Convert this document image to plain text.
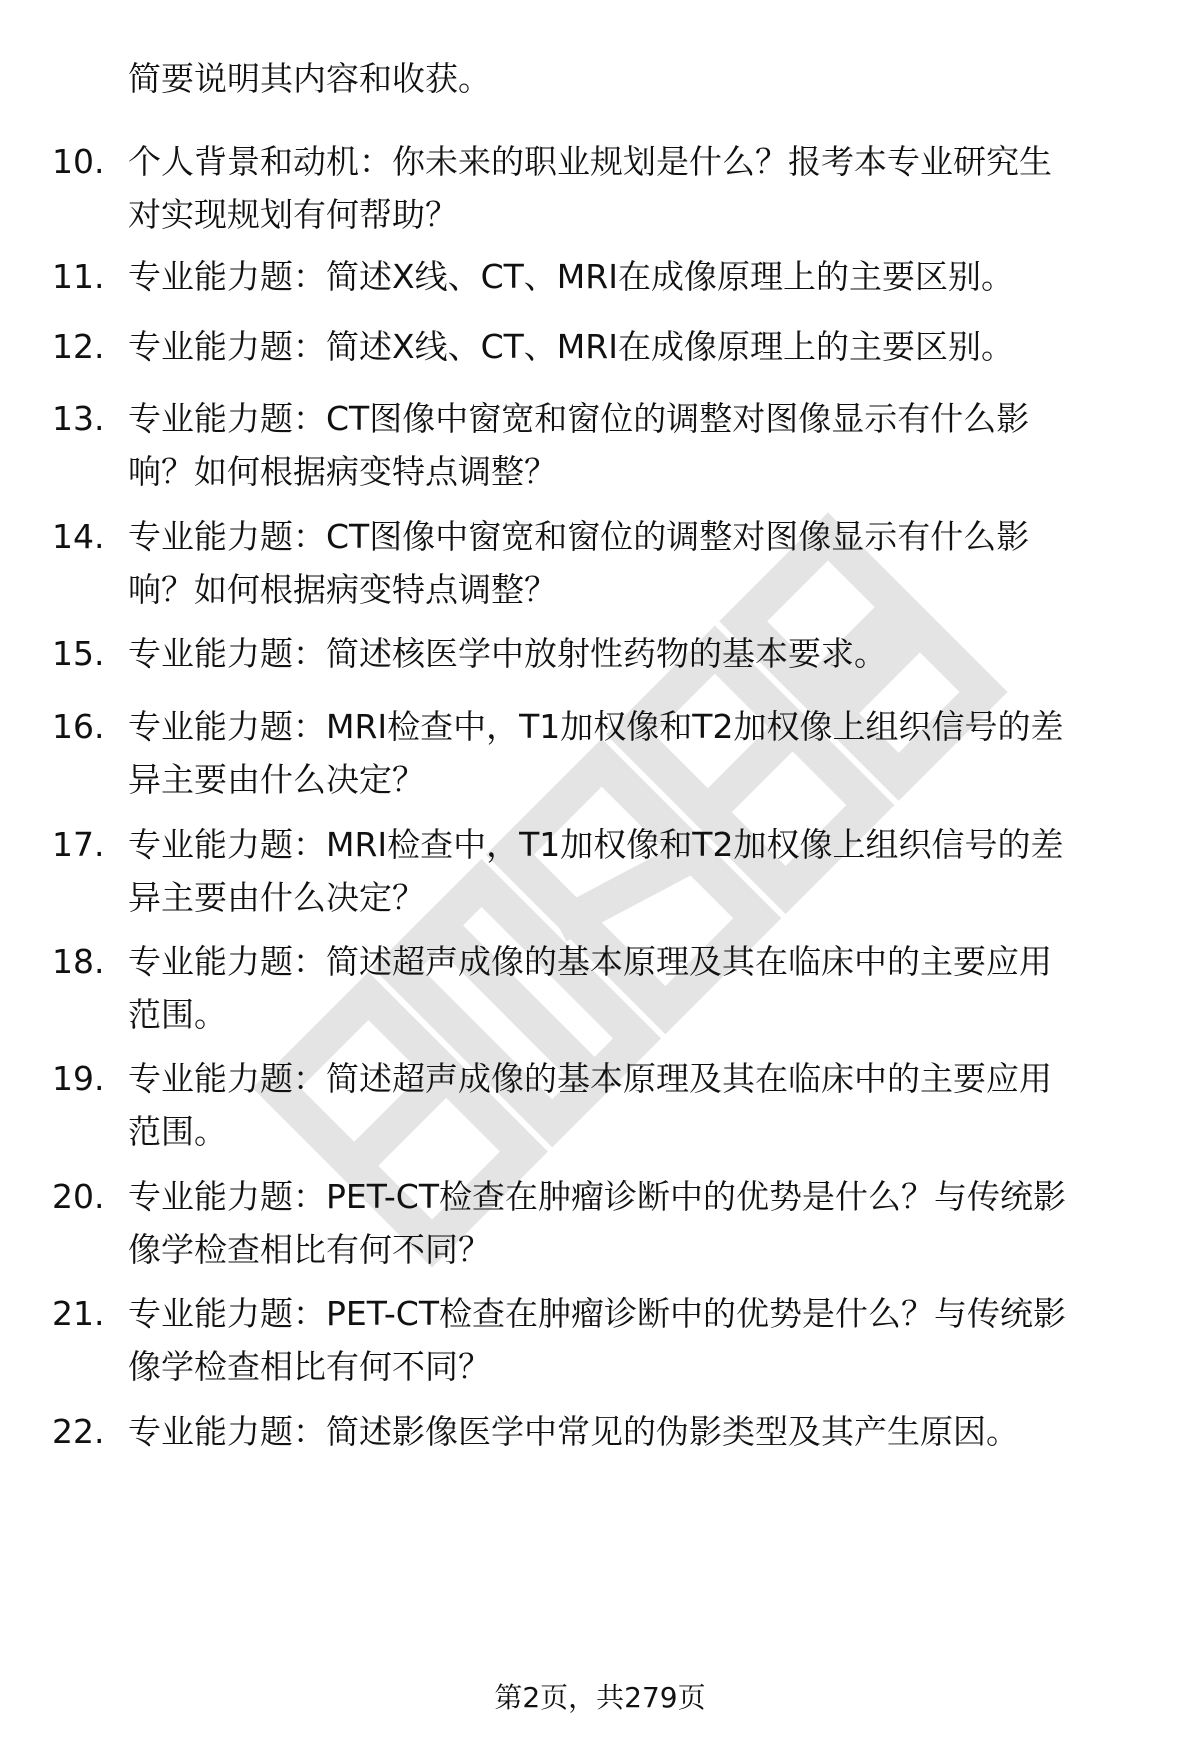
简要说明其内容和收获。
10. 个人背景和动机：你未来的职业规划是什么？报考本专业研究生
对实现规划有何帮助？
11. 专业能力题：简述X线、CT、MRI在成像原理上的主要区别。
12. 专业能力题：简述X线、CT、MRI在成像原理上的主要区别。
13. 专业能力题：CT图像中窗宽和窗位的调整对图像显示有什么影
响？如何根据病变特点调整？
14. 专业能力题：CT图像中窗宽和窗位的调整对图像显示有什么影
响？如何根据病变特点调整？
15. 专业能力题：简述核医学中放射性药物的基本要求。
16. 专业能力题：MRI检查中，T1加权像和T2加权像上组织信号的差
异主要由什么决定？
17. 专业能力题：MRI检查中，T1加权像和T2加权像上组织信号的差
异主要由什么决定？
18. 专业能力题：简述超声成像的基本原理及其在临床中的主要应用
范围。
19. 专业能力题：简述超声成像的基本原理及其在临床中的主要应用
范围。
20. 专业能力题：PET-CT检查在肿瘤诊断中的优势是什么？与传统影
像学检查相比有何不同？
21. 专业能力题：PET-CT检查在肿瘤诊断中的优势是什么？与传统影
像学检查相比有何不同？
22. 专业能力题：简述影像医学中常见的伪影类型及其产生原因。
第2页，共279页
